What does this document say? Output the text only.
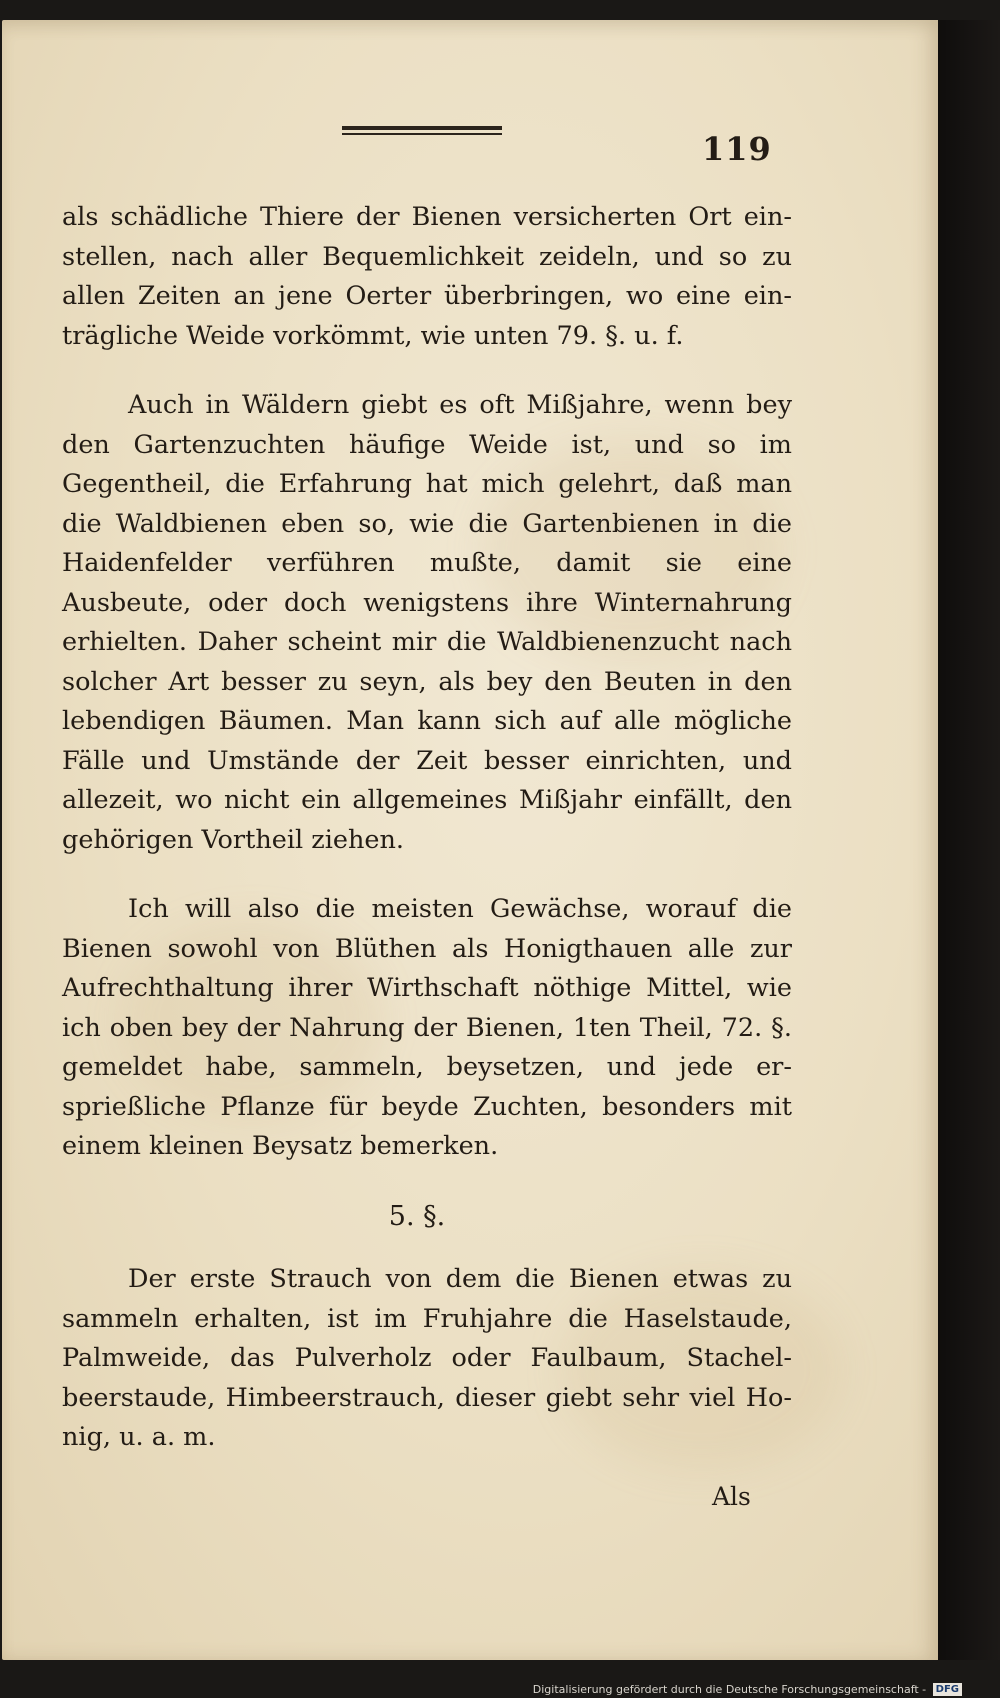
119

als schädliche Thiere der Bienen versicherten Ort einstellen, nach aller Bequemlichkeit zeideln, und so zu allen Zeiten an jene Oerter überbringen, wo eine einträgliche Weide vorkömmt, wie unten 79. §. u. f.

Auch in Wäldern giebt es oft Mißjahre, wenn bey den Gartenzuchten häufige Weide ist, und so im Gegentheil, die Erfahrung hat mich gelehrt, daß man die Waldbienen eben so, wie die Gartenbienen in die Haidenfelder verführen mußte, damit sie eine Ausbeute, oder doch wenigstens ihre Winternahrung erhielten. Daher scheint mir die Waldbienenzucht nach solcher Art besser zu seyn, als bey den Beuten in den lebendigen Bäumen. Man kann sich auf alle mögliche Fälle und Umstände der Zeit besser einrichten, und allezeit, wo nicht ein allgemeines Mißjahr einfällt, den gehörigen Vortheil ziehen.

Ich will also die meisten Gewächse, worauf die Bienen sowohl von Blüthen als Honigthauen alle zur Aufrechthaltung ihrer Wirthschaft nöthige Mittel, wie ich oben bey der Nahrung der Bienen, 1ten Theil, 72. §. gemeldet habe, sammeln, beysetzen, und jede ersprießliche Pflanze für beyde Zuchten, besonders mit einem kleinen Beysatz bemerken.

5. §.

Der erste Strauch von dem die Bienen etwas zu sammeln erhalten, ist im Fruhjahre die Haselstaude, Palmweide, das Pulverholz oder Faulbaum, Stachelbeerstaude, Himbeerstrauch, dieser giebt sehr viel Honig, u. a. m.

Als
Digitalisierung gefördert durch die Deutsche Forschungsgemeinschaft - DFG
